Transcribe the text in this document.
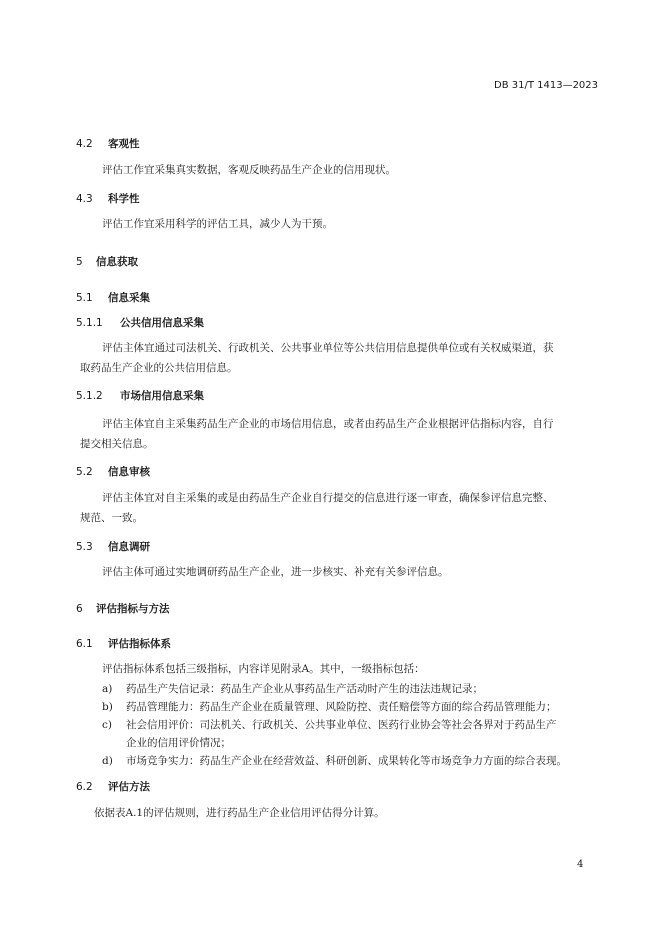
DB 31/T 1413—2023
4.2 客观性
评估工作宜采集真实数据，客观反映药品生产企业的信用现状。
4.3 科学性
评估工作宜采用科学的评估工具，减少人为干预。
5 信息获取
5.1 信息采集
5.1.1 公共信用信息采集
评估主体宜通过司法机关、行政机关、公共事业单位等公共信用信息提供单位或有关权威渠道，获
取药品生产企业的公共信用信息。
5.1.2 市场信用信息采集
评估主体宜自主采集药品生产企业的市场信用信息，或者由药品生产企业根据评估指标内容，自行
提交相关信息。
5.2 信息审核
评估主体宜对自主采集的或是由药品生产企业自行提交的信息进行逐一审查，确保参评信息完整、
规范、一致。
5.3 信息调研
评估主体可通过实地调研药品生产企业，进一步核实、补充有关参评信息。
6 评估指标与方法
6.1 评估指标体系
评估指标体系包括三级指标，内容详见附录A。其中，一级指标包括：
a) 药品生产失信记录：药品生产企业从事药品生产活动时产生的违法违规记录；
b) 药品管理能力：药品生产企业在质量管理、风险防控、责任赔偿等方面的综合药品管理能力；
c) 社会信用评价：司法机关、行政机关、公共事业单位、医药行业协会等社会各界对于药品生产
企业的信用评价情况；
d) 市场竞争实力：药品生产企业在经营效益、科研创新、成果转化等市场竞争力方面的综合表现。
6.2 评估方法
依据表A.1的评估规则，进行药品生产企业信用评估得分计算。
4
